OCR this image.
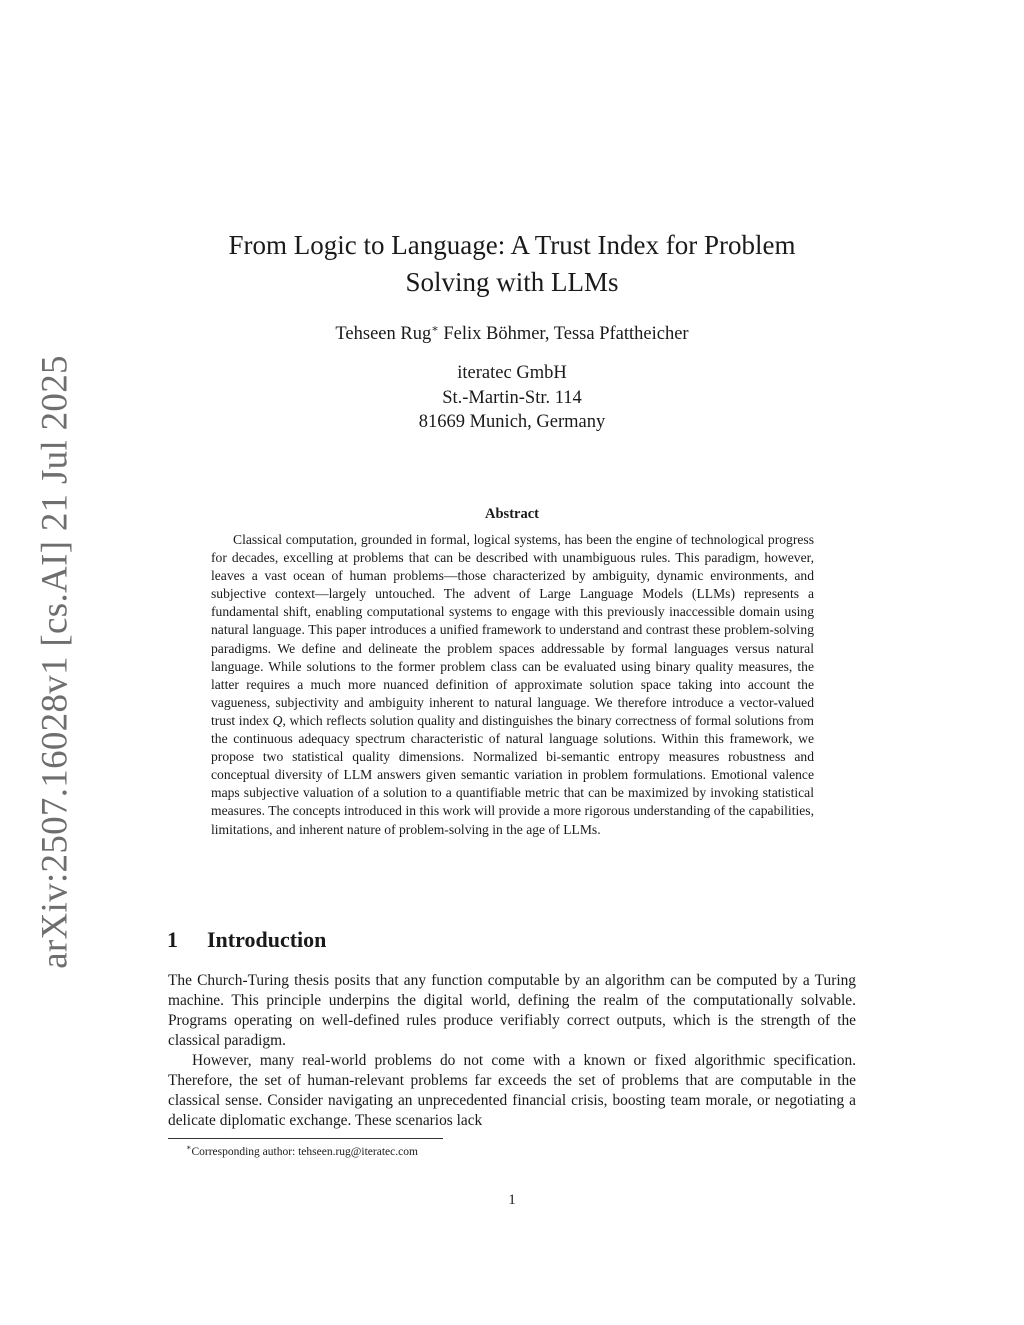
arXiv:2507.16028v1 [cs.AI] 21 Jul 2025
From Logic to Language: A Trust Index for Problem
Solving with LLMs
Tehseen Rug∗ Felix Böhmer, Tessa Pfattheicher
iteratec GmbH
St.-Martin-Str. 114
81669 Munich, Germany
Abstract

Classical computation, grounded in formal, logical systems, has been the engine of technological progress for decades, excelling at problems that can be described with unambiguous rules. This paradigm, however, leaves a vast ocean of human problems—those characterized by ambiguity, dynamic environments, and subjective context—largely untouched. The advent of Large Language Models (LLMs) represents a fundamental shift, enabling computational systems to engage with this previously inaccessible domain using natural language. This paper introduces a unified framework to understand and contrast these problem-solving paradigms. We define and delineate the problem spaces addressable by formal languages versus natural language. While solutions to the former problem class can be evaluated using binary quality measures, the latter requires a much more nuanced definition of approximate solution space taking into account the vagueness, subjectivity and ambiguity inherent to natural language. We therefore introduce a vector-valued trust index Q, which reflects solution quality and distinguishes the binary correctness of formal solutions from the continuous adequacy spectrum characteristic of natural language solutions. Within this framework, we propose two statistical quality dimensions. Normalized bi-semantic entropy measures robustness and conceptual diversity of LLM answers given semantic variation in problem formulations. Emotional valence maps subjective valuation of a solution to a quantifiable metric that can be maximized by invoking statistical measures. The concepts introduced in this work will provide a more rigorous understanding of the capabilities, limitations, and inherent nature of problem-solving in the age of LLMs.

1 Introduction

The Church-Turing thesis posits that any function computable by an algorithm can be computed by a Turing machine. This principle underpins the digital world, defining the realm of the computationally solvable. Programs operating on well-defined rules produce verifiably correct outputs, which is the strength of the classical paradigm.

However, many real-world problems do not come with a known or fixed algorithmic specification. Therefore, the set of human-relevant problems far exceeds the set of problems that are computable in the classical sense. Consider navigating an unprecedented financial crisis, boosting team morale, or negotiating a delicate diplomatic exchange. These scenarios lack

∗Corresponding author: tehseen.rug@iteratec.com
1
